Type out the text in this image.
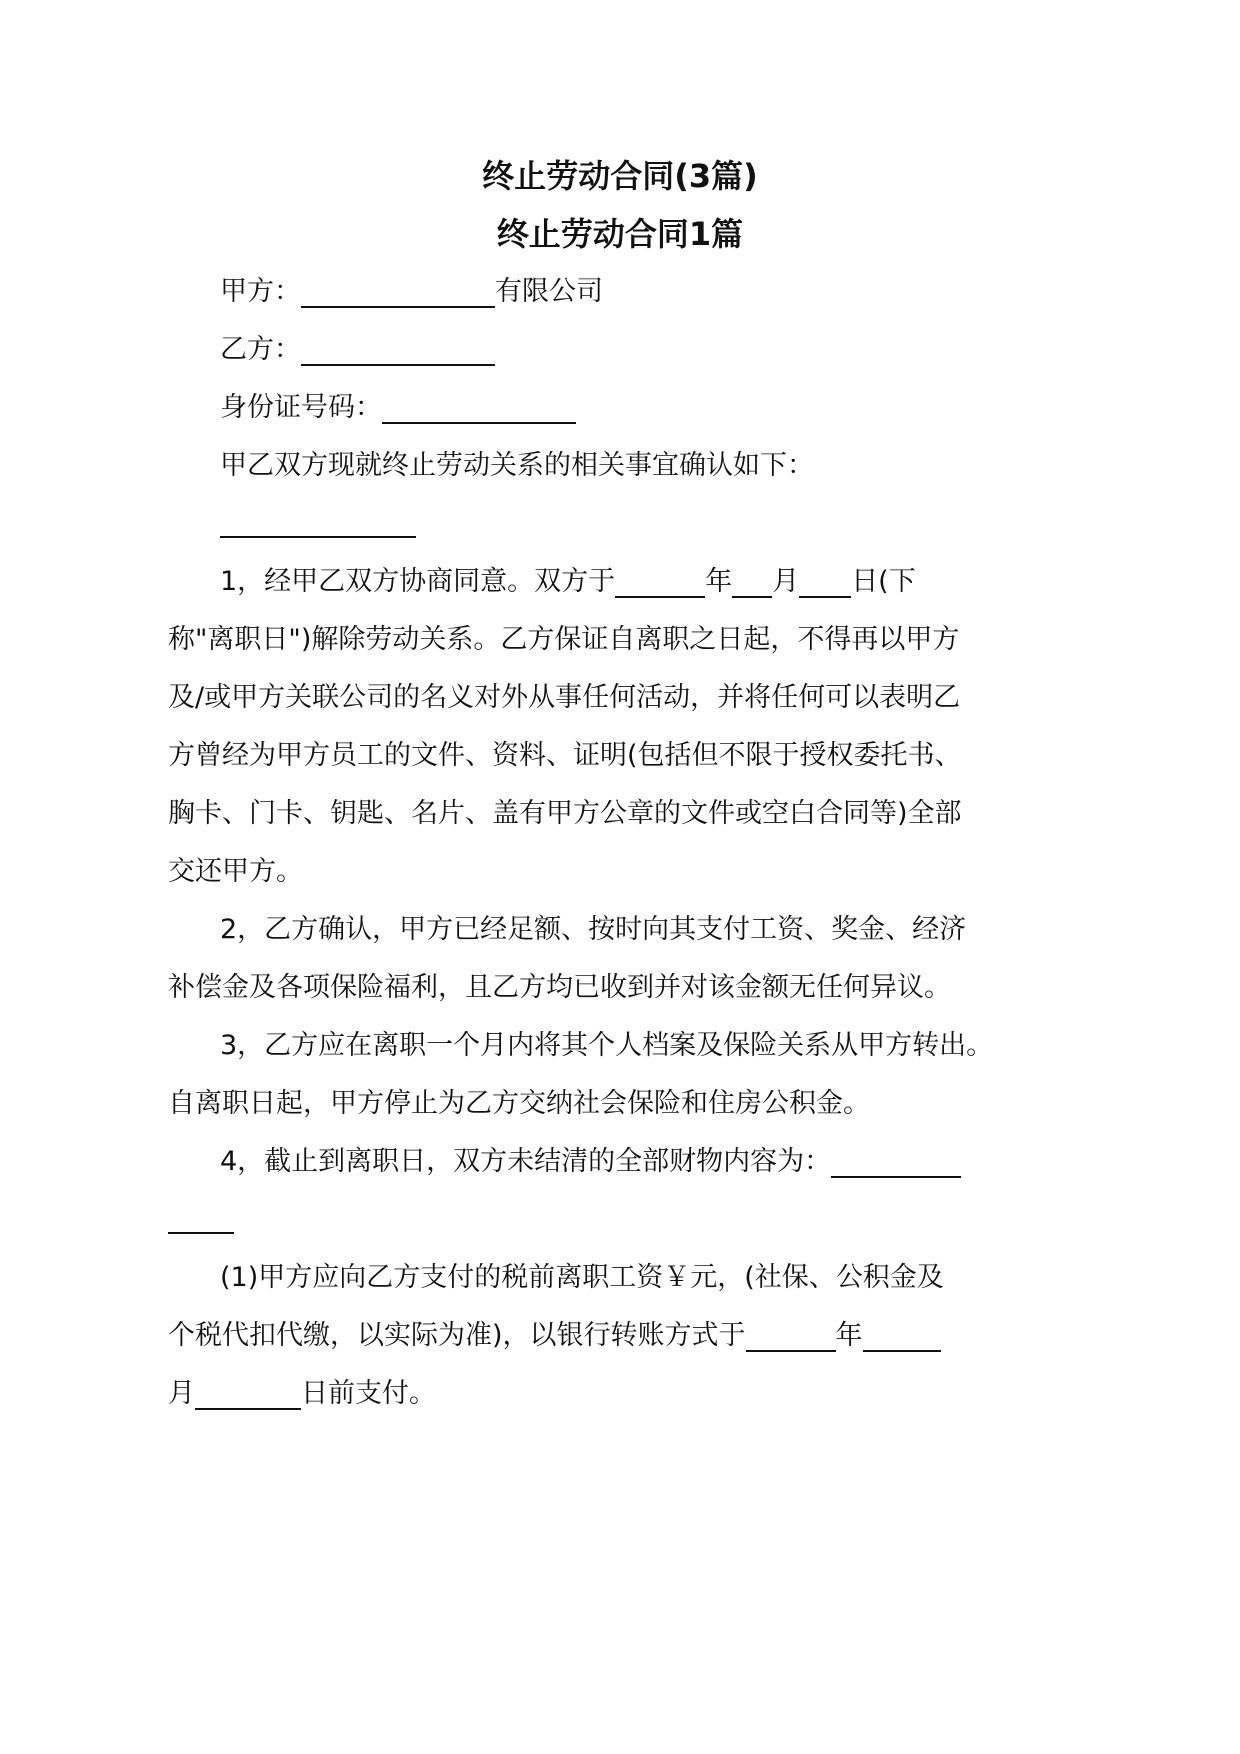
终止劳动合同(3篇)
终止劳动合同1篇
甲方：	有限公司
乙方：
身份证号码：
甲乙双方现就终止劳动关系的相关事宜确认如下：
1，经甲乙双方协商同意。双方于	年 月 日(下
称"离职日")解除劳动关系。乙方保证自离职之日起，不得再以甲方
及/或甲方关联公司的名义对外从事任何活动，并将任何可以表明乙
方曾经为甲方员工的文件、资料、证明(包括但不限于授权委托书、
胸卡、门卡、钥匙、名片、盖有甲方公章的文件或空白合同等)全部
交还甲方。
2，乙方确认，甲方已经足额、按时向其支付工资、奖金、经济
补偿金及各项保险福利，且乙方均已收到并对该金额无任何异议。
3，乙方应在离职一个月内将其个人档案及保险关系从甲方转出。
自离职日起，甲方停止为乙方交纳社会保险和住房公积金。
4，截止到离职日，双方未结清的全部财物内容为：
(1)甲方应向乙方支付的税前离职工资￥元，(社保、公积金及
个税代扣代缴，以实际为准)，以银行转账方式于	年
月	日前支付。
